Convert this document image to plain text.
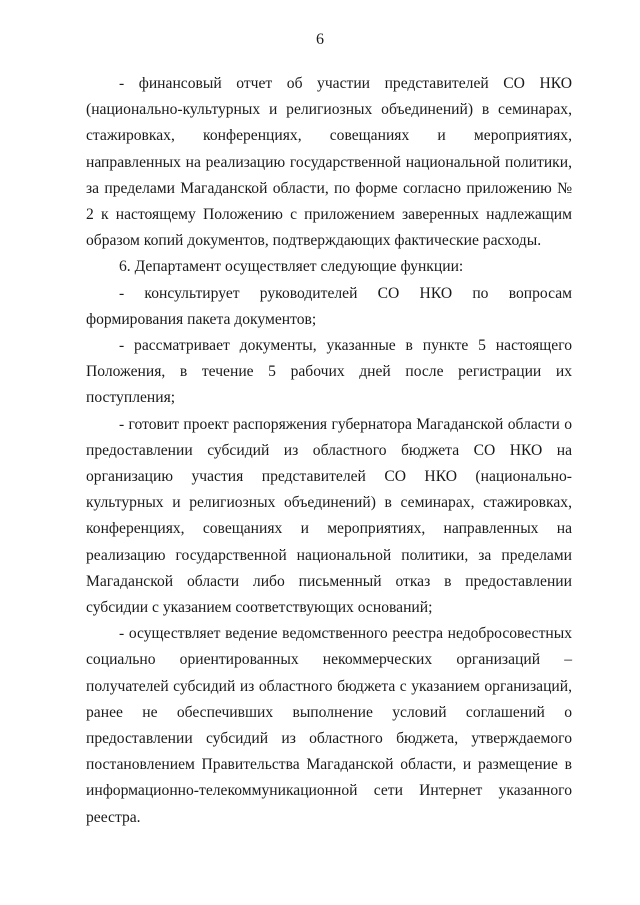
6

- финансовый отчет об участии представителей СО НКО (национально-культурных и религиозных объединений) в семинарах, стажировках, конференциях, совещаниях и мероприятиях, направленных на реализацию государственной национальной политики, за пределами Магаданской области, по форме согласно приложению № 2 к настоящему Положению с приложением заверенных надлежащим образом копий документов, подтверждающих фактические расходы.

6. Департамент осуществляет следующие функции:

- консультирует руководителей СО НКО по вопросам формирования пакета документов;

- рассматривает документы, указанные в пункте 5 настоящего Положения, в течение 5 рабочих дней после регистрации их поступления;

- готовит проект распоряжения губернатора Магаданской области о предоставлении субсидий из областного бюджета СО НКО на организацию участия представителей СО НКО (национально-культурных и религиозных объединений) в семинарах, стажировках, конференциях, совещаниях и мероприятиях, направленных на реализацию государственной национальной политики, за пределами Магаданской области либо письменный отказ в предоставлении субсидии с указанием соответствующих оснований;

- осуществляет ведение ведомственного реестра недобросовестных социально ориентированных некоммерческих организаций – получателей субсидий из областного бюджета с указанием организаций, ранее не обеспечивших выполнение условий соглашений о предоставлении субсидий из областного бюджета, утверждаемого постановлением Правительства Магаданской области, и размещение в информационно-телекоммуникационной сети Интернет указанного реестра.
